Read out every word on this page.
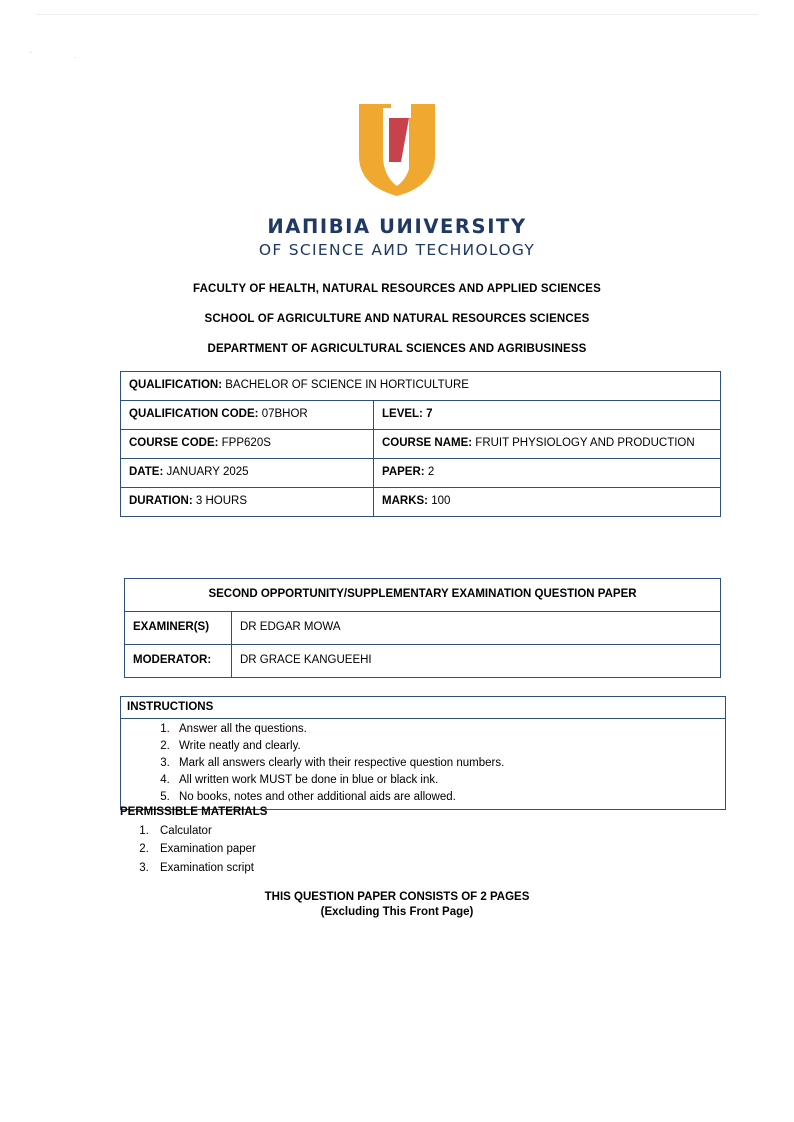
'	.
ИАПIВIА UИIVERSITY
OF SCIENCE AИD TECHИOLOGY
FACULTY OF HEALTH, NATURAL RESOURCES AND APPLIED SCIENCES
SCHOOL OF AGRICULTURE AND NATURAL RESOURCES SCIENCES
DEPARTMENT OF AGRICULTURAL SCIENCES AND AGRIBUSINESS
QUALIFICATION: BACHELOR OF SCIENCE IN HORTICULTURE	
QUALIFICATION CODE: 07BHOR	LEVEL: 7
COURSE CODE: FPP620S	COURSE NAME: FRUIT PHYSIOLOGY AND PRODUCTION
DATE: JANUARY 2025	PAPER: 2
DURATION: 3 HOURS	MARKS: 100
SECOND OPPORTUNITY/SUPPLEMENTARY EXAMINATION QUESTION PAPER	
EXAMINER(S)	DR EDGAR MOWA
MODERATOR:	DR GRACE KANGUEEHI
INSTRUCTIONS

1. Answer all the questions.
2. Write neatly and clearly.
3. Mark all answers clearly with their respective question numbers.
4. All written work MUST be done in blue or black ink.
5. No books, notes and other additional aids are allowed.
PERMISSIBLE MATERIALS
1. Calculator
2. Examination paper
3. Examination script
THIS QUESTION PAPER CONSISTS OF 2 PAGES
(Excluding This Front Page)
